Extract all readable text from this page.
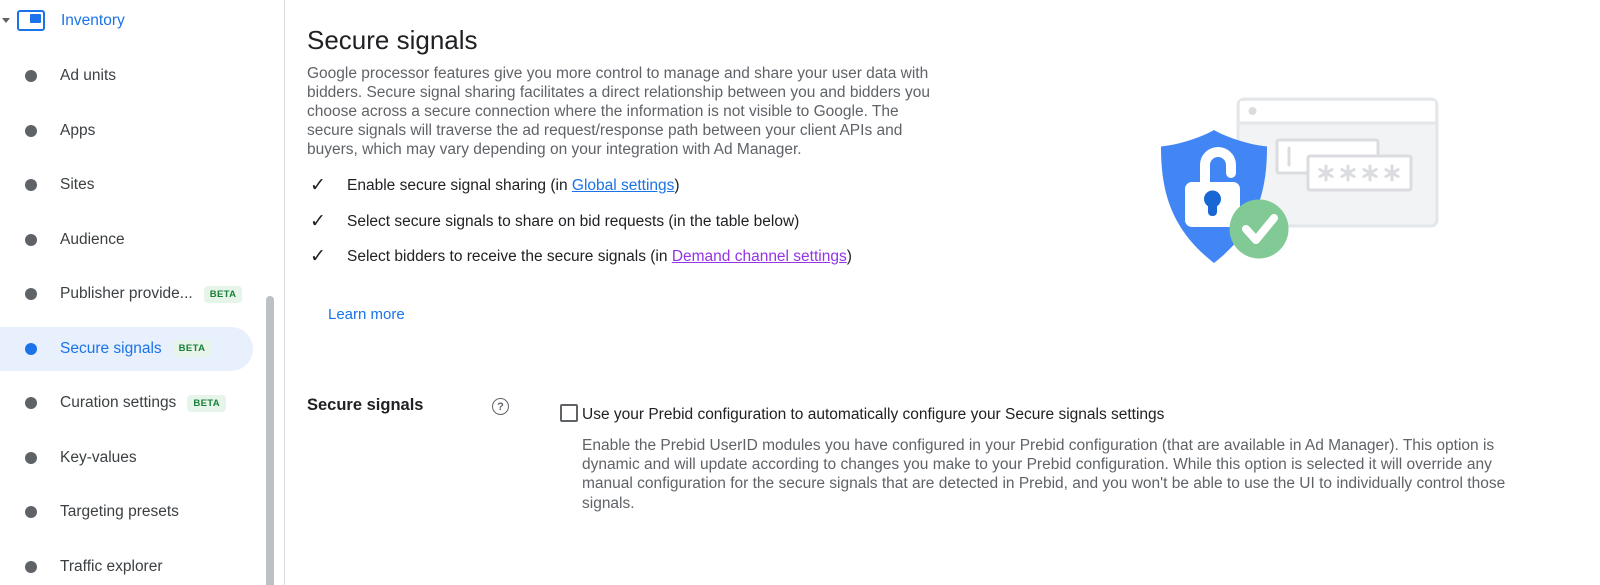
Inventory
Ad units
Apps
Sites
Audience
Publisher provide...	BETA
Secure signals	BETA
Curation settings	BETA
Key-values
Targeting presets
Traffic explorer
Secure signals

Google processor features give you more control to manage and share your user data with bidders. Secure signal sharing facilitates a direct relationship between you and bidders you choose across a secure connection where the information is not visible to Google. The secure signals will traverse the ad request/response path between your client APIs and buyers, which may vary depending on your integration with Ad Manager.

✓	Enable secure signal sharing (in Global settings)
✓	Select secure signals to share on bid requests (in the table below)
✓	Select bidders to receive the secure signals (in Demand channel settings)
Learn more
Secure signals	?	Use your Prebid configuration to automatically configure your Secure signals settings

Enable the Prebid UserID modules you have configured in your Prebid configuration (that are available in Ad Manager). This option is dynamic and will update according to changes you make to your Prebid configuration. While this option is selected it will override any manual configuration for the secure signals that are detected in Prebid, and you won't be able to use the UI to individually control those signals.
